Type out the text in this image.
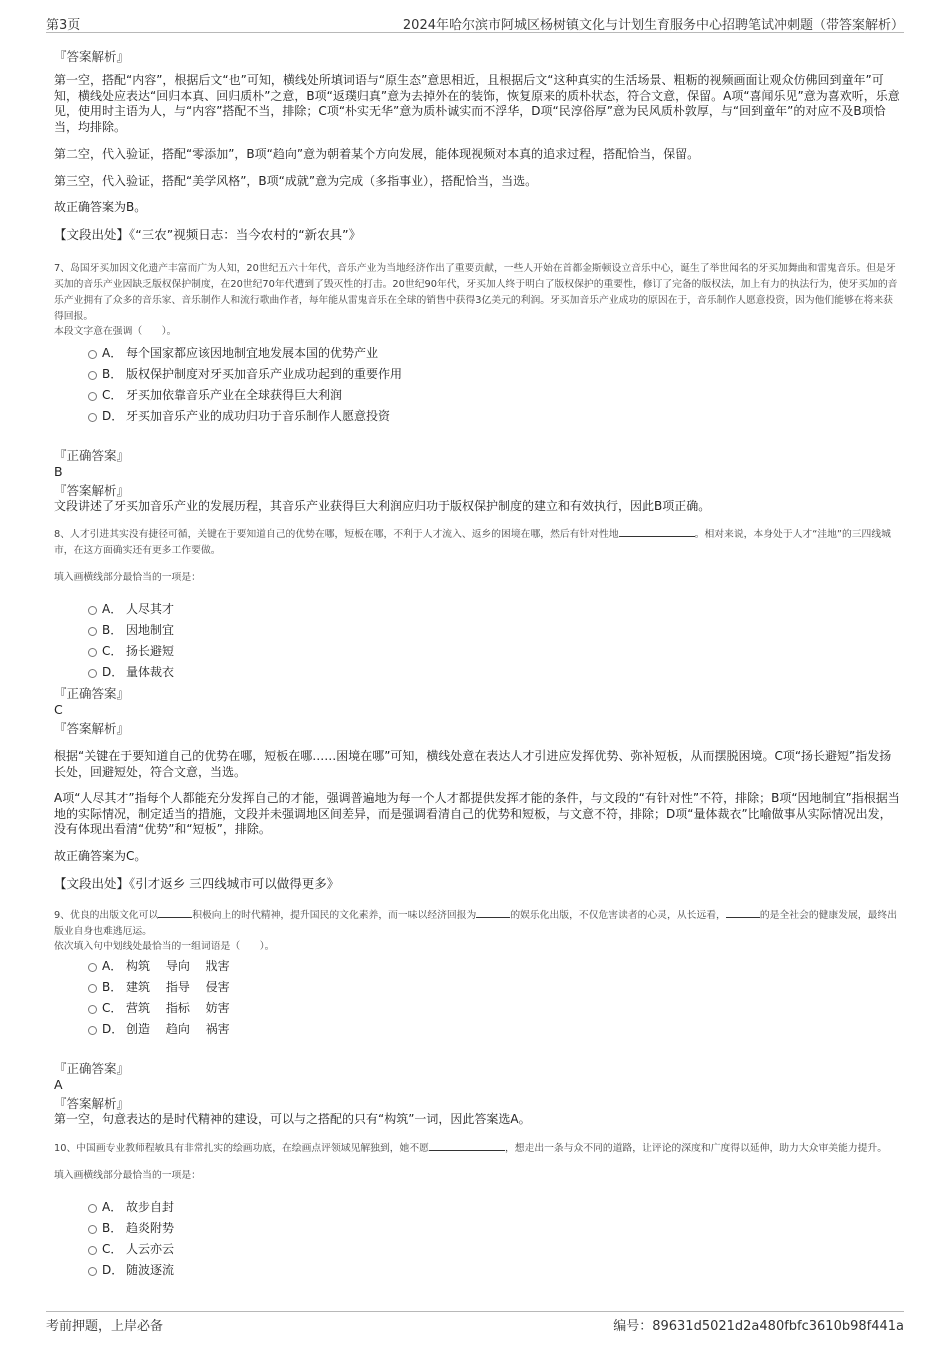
第3页	2024年哈尔滨市阿城区杨树镇文化与计划生育服务中心招聘笔试冲刺题（带答案解析）
『答案解析』
第一空，搭配“内容”，根据后文“也”可知，横线处所填词语与“原生态”意思相近，且根据后文“这种真实的生活场景、粗粝的视频画面让观众仿佛回到童年”可知，横线处应表达“回归本真、回归质朴”之意，B项“返璞归真”意为去掉外在的装饰，恢复原来的质朴状态，符合文意，保留。A项“喜闻乐见”意为喜欢听，乐意见，使用时主语为人，与“内容”搭配不当，排除；C项“朴实无华”意为质朴诚实而不浮华，D项“民淳俗厚”意为民风质朴敦厚，与“回到童年”的对应不及B项恰当，均排除。
第二空，代入验证，搭配“零添加”，B项“趋向”意为朝着某个方向发展，能体现视频对本真的追求过程，搭配恰当，保留。
第三空，代入验证，搭配“美学风格”，B项“成就”意为完成（多指事业），搭配恰当，当选。
故正确答案为B。
【文段出处】《“三农”视频日志：当今农村的“新农具”》
7、岛国牙买加因文化遗产丰富而广为人知，20世纪五六十年代，音乐产业为当地经济作出了重要贡献，一些人开始在首都金斯顿设立音乐中心，诞生了举世闻名的牙买加舞曲和雷鬼音乐。但是牙买加的音乐产业因缺乏版权保护制度，在20世纪70年代遭到了毁灭性的打击。20世纪90年代，牙买加人终于明白了版权保护的重要性，修订了完备的版权法，加上有力的执法行为，使牙买加的音乐产业拥有了众多的音乐家、音乐制作人和流行歌曲作者，每年能从雷鬼音乐在全球的销售中获得3亿美元的利润。牙买加音乐产业成功的原因在于，音乐制作人愿意投资，因为他们能够在将来获得回报。
本段文字意在强调（　　）。
A． 每个国家都应该因地制宜地发展本国的优势产业
B． 版权保护制度对牙买加音乐产业成功起到的重要作用
C． 牙买加依靠音乐产业在全球获得巨大利润
D． 牙买加音乐产业的成功归功于音乐制作人愿意投资
『正确答案』
B
『答案解析』
文段讲述了牙买加音乐产业的发展历程，其音乐产业获得巨大利润应归功于版权保护制度的建立和有效执行，因此B项正确。
8、人才引进其实没有捷径可循，关键在于要知道自己的优势在哪，短板在哪，不利于人才流入、返乡的困境在哪，然后有针对性地	。相对来说，本身处于人才“洼地”的三四线城市，在这方面确实还有更多工作要做。
填入画横线部分最恰当的一项是：
A． 人尽其才
B． 因地制宜
C． 扬长避短
D． 量体裁衣
『正确答案』
C
『答案解析』
根据“关键在于要知道自己的优势在哪，短板在哪……困境在哪”可知，横线处意在表达人才引进应发挥优势、弥补短板，从而摆脱困境。C项“扬长避短”指发扬长处，回避短处，符合文意，当选。
A项“人尽其才”指每个人都能充分发挥自己的才能，强调普遍地为每一个人才都提供发挥才能的条件，与文段的“有针对性”不符，排除；B项“因地制宜”指根据当地的实际情况，制定适当的措施，文段并未强调地区间差异，而是强调看清自己的优势和短板，与文意不符，排除；D项“量体裁衣”比喻做事从实际情况出发，没有体现出看清“优势”和“短板”，排除。
故正确答案为C。
【文段出处】《引才返乡 三四线城市可以做得更多》
9、优良的出版文化可以	积极向上的时代精神，提升国民的文化素养，而一味以经济回报为	的娱乐化出版，不仅危害读者的心灵，从长远看，	的是全社会的健康发展，最终出版业自身也难逃厄运。
依次填入句中划线处最恰当的一组词语是（　　）。
A． 构筑　 导向　 戕害
B． 建筑　 指导　 侵害
C． 营筑　 指标　 妨害
D． 创造　 趋向　 祸害
『正确答案』
A
『答案解析』
第一空，句意表达的是时代精神的建设，可以与之搭配的只有“构筑”一词，因此答案选A。
10、中国画专业教师程敏具有非常扎实的绘画功底，在绘画点评领域见解独到，她不愿	，想走出一条与众不同的道路，让评论的深度和广度得以延伸，助力大众审美能力提升。
填入画横线部分最恰当的一项是：
A． 故步自封
B． 趋炎附势
C． 人云亦云
D． 随波逐流
考前押题，上岸必备	编号：89631d5021d2a480fbfc3610b98f441a
